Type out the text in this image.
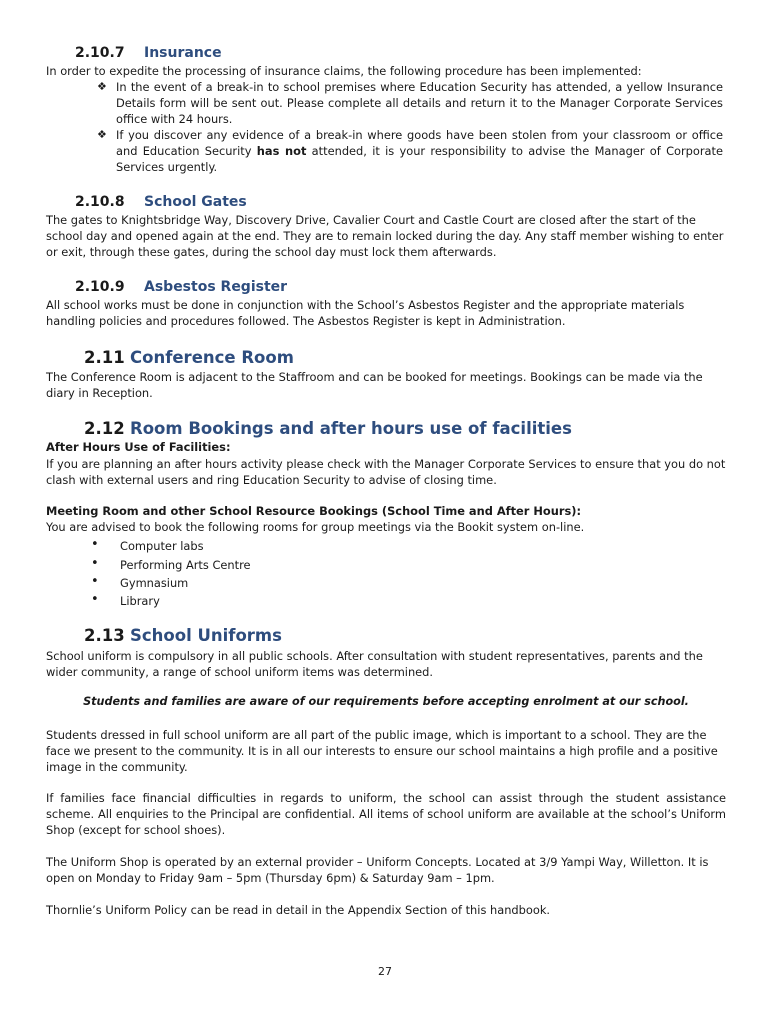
2.10.7 Insurance
In order to expedite the processing of insurance claims, the following procedure has been implemented:
❖ In the event of a break-in to school premises where Education Security has attended, a yellow Insurance Details form will be sent out. Please complete all details and return it to the Manager Corporate Services office with 24 hours.
❖ If you discover any evidence of a break-in where goods have been stolen from your classroom or office and Education Security has not attended, it is your responsibility to advise the Manager of Corporate Services urgently.
2.10.8 School Gates
The gates to Knightsbridge Way, Discovery Drive, Cavalier Court and Castle Court are closed after the start of the school day and opened again at the end. They are to remain locked during the day. Any staff member wishing to enter or exit, through these gates, during the school day must lock them afterwards.
2.10.9 Asbestos Register
All school works must be done in conjunction with the School’s Asbestos Register and the appropriate materials handling policies and procedures followed. The Asbestos Register is kept in Administration.
2.11 Conference Room
The Conference Room is adjacent to the Staffroom and can be booked for meetings. Bookings can be made via the diary in Reception.
2.12 Room Bookings and after hours use of facilities
After Hours Use of Facilities:
If you are planning an after hours activity please check with the Manager Corporate Services to ensure that you do not clash with external users and ring Education Security to advise of closing time.
Meeting Room and other School Resource Bookings (School Time and After Hours):
You are advised to book the following rooms for group meetings via the Bookit system on-line.
• Computer labs
• Performing Arts Centre
• Gymnasium
• Library
2.13 School Uniforms
School uniform is compulsory in all public schools. After consultation with student representatives, parents and the wider community, a range of school uniform items was determined.
Students and families are aware of our requirements before accepting enrolment at our school.
Students dressed in full school uniform are all part of the public image, which is important to a school. They are the face we present to the community. It is in all our interests to ensure our school maintains a high profile and a positive image in the community.
If families face financial difficulties in regards to uniform, the school can assist through the student assistance scheme. All enquiries to the Principal are confidential. All items of school uniform are available at the school’s Uniform Shop (except for school shoes).
The Uniform Shop is operated by an external provider – Uniform Concepts. Located at 3/9 Yampi Way, Willetton. It is open on Monday to Friday 9am – 5pm (Thursday 6pm) & Saturday 9am – 1pm.
Thornlie’s Uniform Policy can be read in detail in the Appendix Section of this handbook.
27
